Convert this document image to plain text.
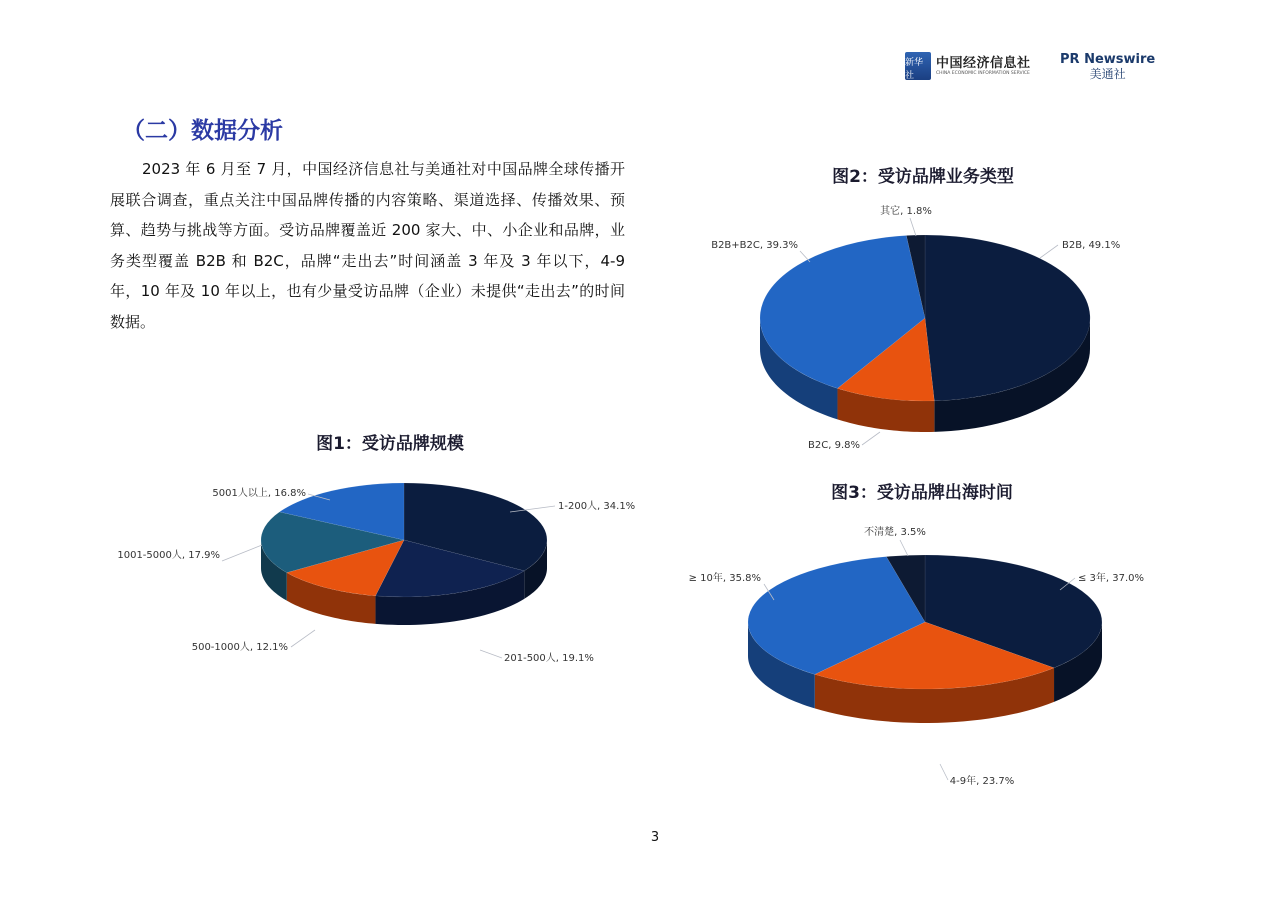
新华社
中国经济信息社
CHINA ECONOMIC INFORMATION SERVICE
PR Newswire
美通社
（二）数据分析
2023 年 6 月至 7 月，中国经济信息社与美通社对中国品牌全球传播开展联合调查，重点关注中国品牌传播的内容策略、渠道选择、传播效果、预算、趋势与挑战等方面。受访品牌覆盖近 200 家大、中、小企业和品牌，业务类型覆盖 B2B 和 B2C，品牌“走出去”时间涵盖 3 年及 3 年以下，4-9 年，10 年及 10 年以上，也有少量受访品牌（企业）未提供“走出去”的时间数据。
图1：受访品牌规模
1-200人, 34.1%
201-500人, 19.1%
500-1000人, 12.1%
1001-5000人, 17.9%
5001人以上, 16.8%
图2：受访品牌业务类型
B2B, 49.1%
B2C, 9.8%
B2B+B2C, 39.3%
其它, 1.8%
图3：受访品牌出海时间
≤ 3年, 37.0%
4-9年, 23.7%
≥ 10年, 35.8%
不清楚, 3.5%
3
